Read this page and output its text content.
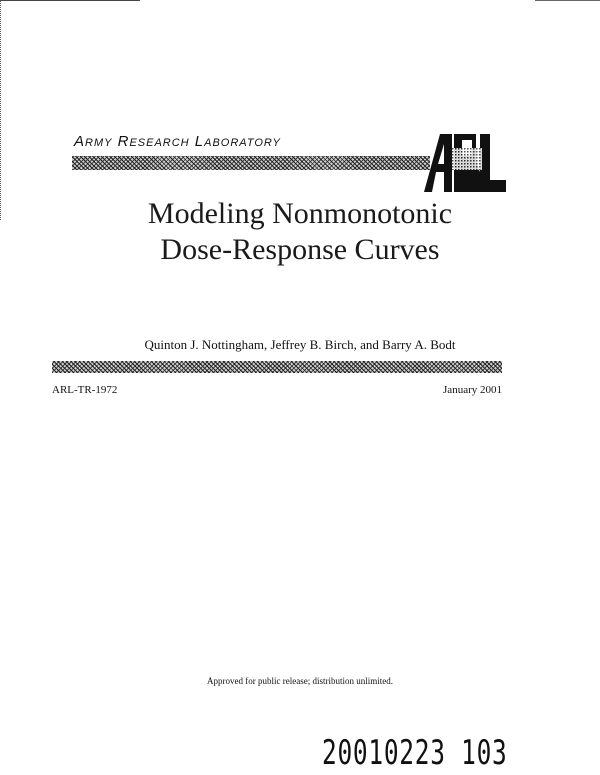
Army Research Laboratory
Modeling Nonmonotonic
Dose-Response Curves
Quinton J. Nottingham, Jeffrey B. Birch, and Barry A. Bodt
ARL-TR-1972	January 2001
Approved for public release; distribution unlimited.
20010223 103
